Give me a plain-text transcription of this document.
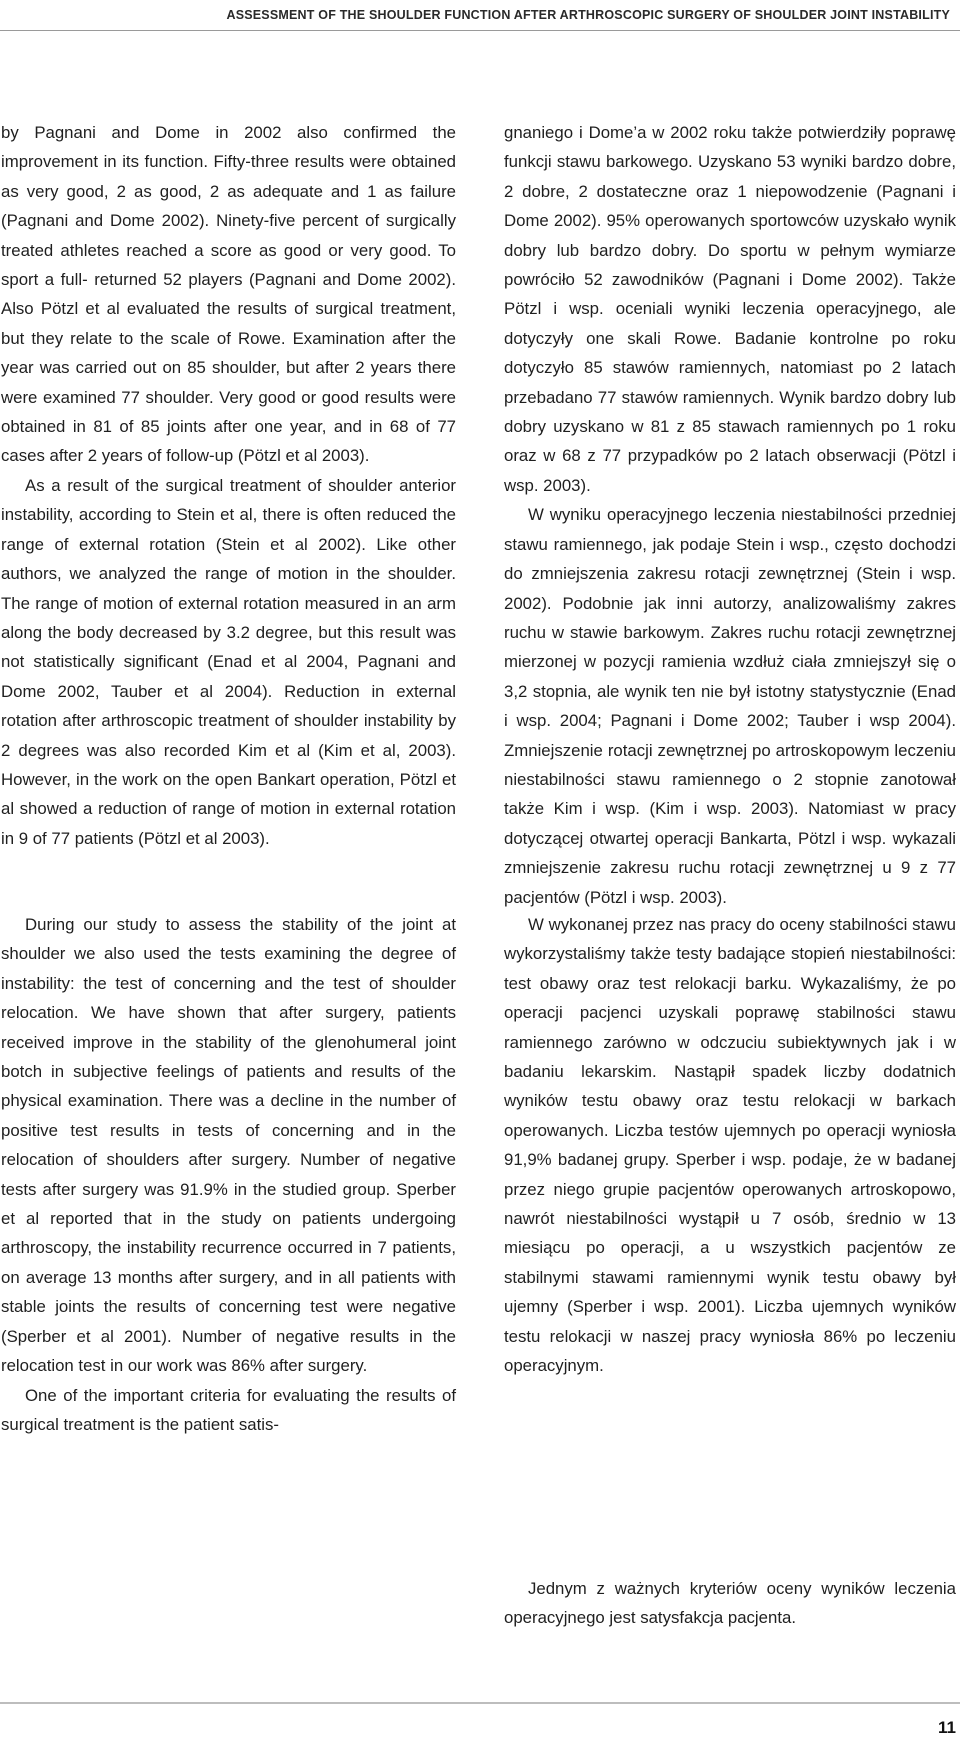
ASSESSMENT OF THE SHOULDER FUNCTION AFTER ARTHROSCOPIC SURGERY OF SHOULDER JOINT INSTABILITY

by Pagnani and Dome in 2002 also confirmed the improvement in its function. Fifty-three results were obtained as very good, 2 as good, 2 as adequate and 1 as failure (Pagnani and Dome 2002). Ninety-five percent of surgically treated athletes reached a score as good or very good. To sport a full- returned 52 players (Pagnani and Dome 2002). Also Pötzl et al evaluated the results of surgical treatment, but they relate to the scale of Rowe. Examination after the year was carried out on 85 shoulder, but after 2 years there were examined 77 shoulder. Very good or good results were obtained in 81 of 85 joints after one year, and in 68 of 77 cases after 2 years of follow-up (Pötzl et al 2003).

As a result of the surgical treatment of shoulder anterior instability, according to Stein et al, there is often reduced the range of external rotation (Stein et al 2002). Like other authors, we analyzed the range of motion in the shoulder. The range of motion of external rotation measured in an arm along the body decreased by 3.2 degree, but this result was not statistically significant (Enad et al 2004, Pagnani and Dome 2002, Tauber et al 2004). Reduction in external rotation after arthroscopic treatment of shoulder instability by 2 degrees was also recorded Kim et al (Kim et al, 2003). However, in the work on the open Bankart operation, Pötzl et al showed a reduction of range of motion in external rotation in 9 of 77 patients (Pötzl et al 2003).

During our study to assess the stability of the joint at shoulder we also used the tests examining the degree of instability: the test of concerning and the test of shoulder relocation. We have shown that after surgery, patients received improve in the stability of the glenohumeral joint botch in subjective feelings of patients and results of the physical examination. There was a decline in the number of positive test results in tests of concerning and in the relocation of shoulders after surgery. Number of negative tests after surgery was 91.9% in the studied group. Sperber et al reported that in the study on patients undergoing arthroscopy, the instability recurrence occurred in 7 patients, on average 13 months after surgery, and in all patients with stable joints the results of concerning test were negative (Sperber et al 2001). Number of negative results in the relocation test in our work was 86% after surgery.

One of the important criteria for evaluating the results of surgical treatment is the patient satis-

gnaniego i Dome’a w 2002 roku także potwierdziły poprawę funkcji stawu barkowego. Uzyskano 53 wyniki bardzo dobre, 2 dobre, 2 dostateczne oraz 1 niepowodzenie (Pagnani i Dome 2002). 95% operowanych sportowców uzyskało wynik dobry lub bardzo dobry. Do sportu w pełnym wymiarze powróciło 52 zawodników (Pagnani i Dome 2002). Także Pötzl i wsp. oceniali wyniki leczenia operacyjnego, ale dotyczyły one skali Rowe. Badanie kontrolne po roku dotyczyło 85 stawów ramiennych, natomiast po 2 latach przebadano 77 stawów ramiennych. Wynik bardzo dobry lub dobry uzyskano w 81 z 85 stawach ramiennych po 1 roku oraz w 68 z 77 przypadków po 2 latach obserwacji (Pötzl i wsp. 2003).

W wyniku operacyjnego leczenia niestabilności przedniej stawu ramiennego, jak podaje Stein i wsp., często dochodzi do zmniejszenia zakresu rotacji zewnętrznej (Stein i wsp. 2002). Podobnie jak inni autorzy, analizowaliśmy zakres ruchu w stawie barkowym. Zakres ruchu rotacji zewnętrznej mierzonej w pozycji ramienia wzdłuż ciała zmniejszył się o 3,2 stopnia, ale wynik ten nie był istotny statystycznie (Enad i wsp. 2004; Pagnani i Dome 2002; Tauber i wsp 2004). Zmniejszenie rotacji zewnętrznej po artroskopowym leczeniu niestabilności stawu ramiennego o 2 stopnie zanotował także Kim i wsp. (Kim i wsp. 2003). Natomiast w pracy dotyczącej otwartej operacji Bankarta, Pötzl i wsp. wykazali zmniejszenie zakresu ruchu rotacji zewnętrznej u 9 z 77 pacjentów (Pötzl i wsp. 2003).

W wykonanej przez nas pracy do oceny stabilności stawu wykorzystaliśmy także testy badające stopień niestabilności: test obawy oraz test relokacji barku. Wykazaliśmy, że po operacji pacjenci uzyskali poprawę stabilności stawu ramiennego zarówno w odczuciu subiektywnych jak i w badaniu lekarskim. Nastąpił spadek liczby dodatnich wyników testu obawy oraz testu relokacji w barkach operowanych. Liczba testów ujemnych po operacji wyniosła 91,9% badanej grupy. Sperber i wsp. podaje, że w badanej przez niego grupie pacjentów operowanych artroskopowo, nawrót niestabilności wystąpił u 7 osób, średnio w 13 miesiącu po operacji, a u wszystkich pacjentów ze stabilnymi stawami ramiennymi wynik testu obawy był ujemny (Sperber i wsp. 2001). Liczba ujemnych wyników testu relokacji w naszej pracy wyniosła 86% po leczeniu operacyjnym.

Jednym z ważnych kryteriów oceny wyników leczenia operacyjnego jest satysfakcja pacjenta.

11
